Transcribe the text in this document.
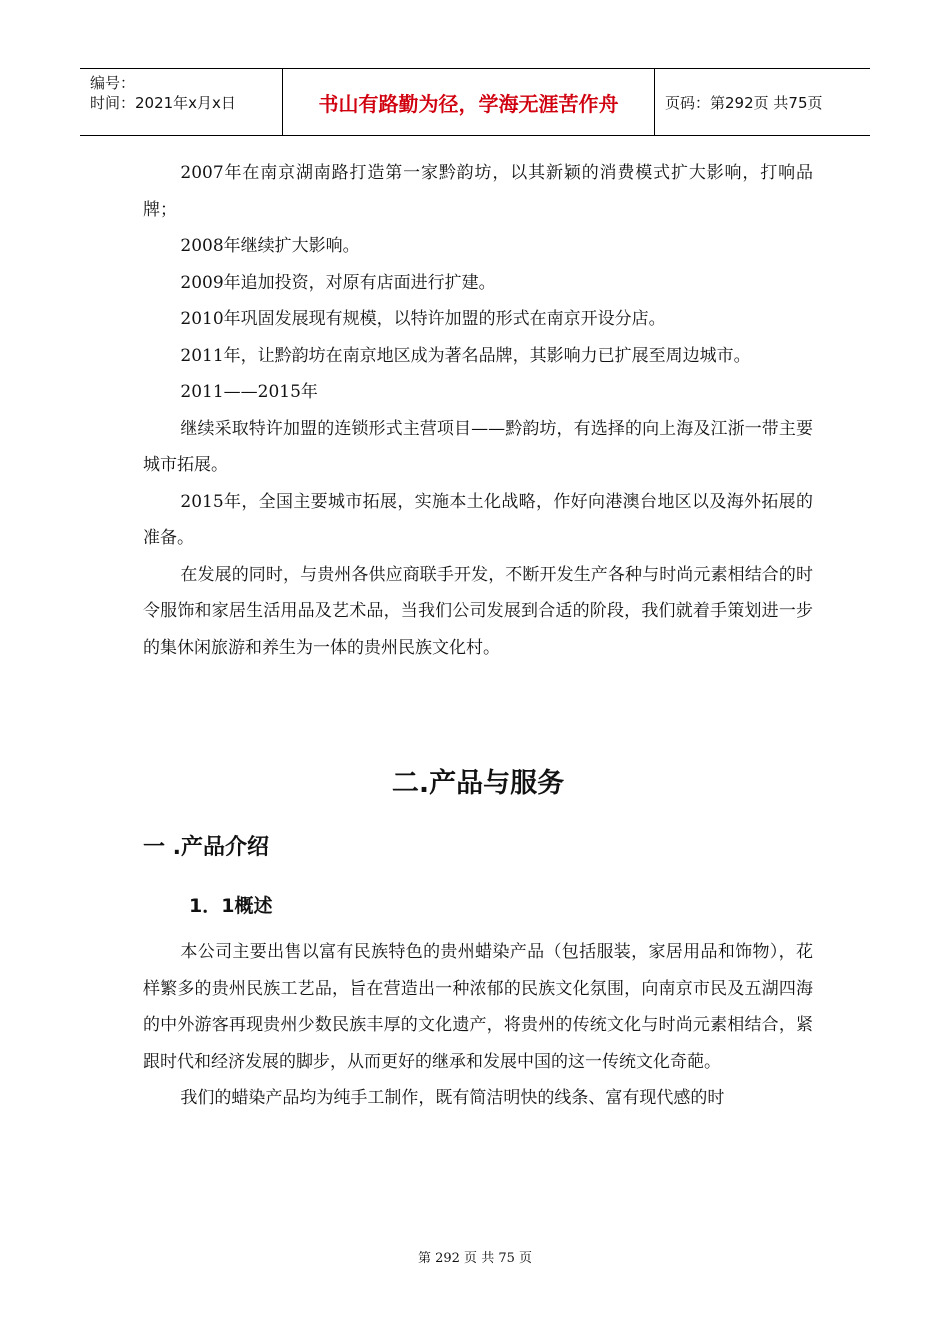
编号：
时间：2021年x月x日	书山有路勤为径，学海无涯苦作舟	页码：第292页 共75页

2007年在南京湖南路打造第一家黔韵坊，以其新颖的消费模式扩大影响，打响品牌；

2008年继续扩大影响。

2009年追加投资，对原有店面进行扩建。

2010年巩固发展现有规模，以特许加盟的形式在南京开设分店。

2011年，让黔韵坊在南京地区成为著名品牌，其影响力已扩展至周边城市。

2011——2015年

继续采取特许加盟的连锁形式主营项目——黔韵坊，有选择的向上海及江浙一带主要城市拓展。

2015年，全国主要城市拓展，实施本土化战略，作好向港澳台地区以及海外拓展的准备。

在发展的同时，与贵州各供应商联手开发，不断开发生产各种与时尚元素相结合的时令服饰和家居生活用品及艺术品，当我们公司发展到合适的阶段，我们就着手策划进一步的集休闲旅游和养生为一体的贵州民族文化村。

二.产品与服务
一 .产品介绍
1．1概述

本公司主要出售以富有民族特色的贵州蜡染产品（包括服装，家居用品和饰物），花样繁多的贵州民族工艺品，旨在营造出一种浓郁的民族文化氛围，向南京市民及五湖四海的中外游客再现贵州少数民族丰厚的文化遗产，将贵州的传统文化与时尚元素相结合，紧跟时代和经济发展的脚步，从而更好的继承和发展中国的这一传统文化奇葩。

我们的蜡染产品均为纯手工制作，既有简洁明快的线条、富有现代感的时

第 292 页 共 75 页
